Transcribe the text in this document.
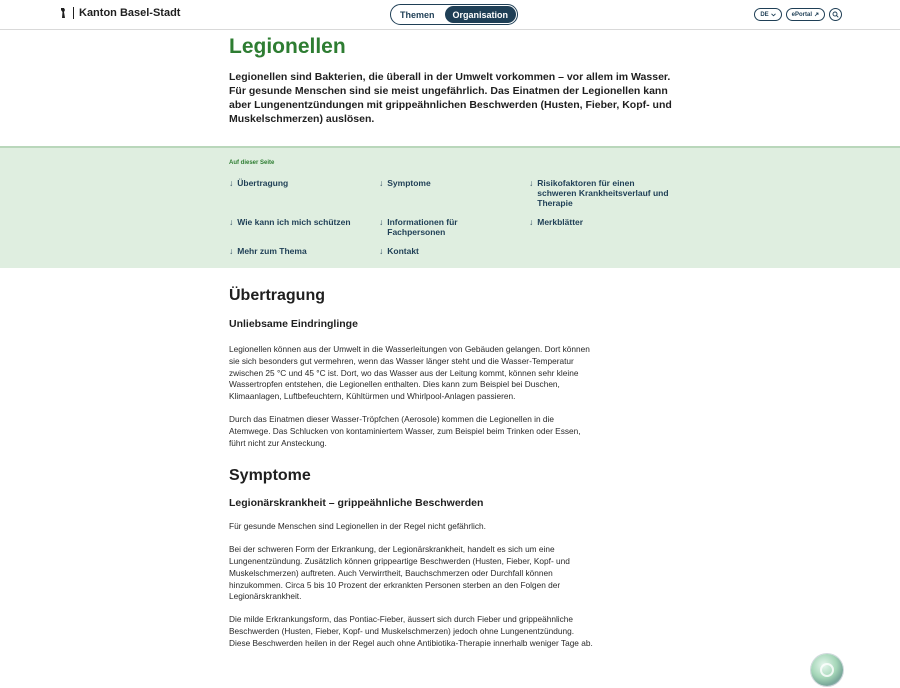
Kanton Basel-Stadt	Themen	Organisation	DE	ePortal
Legionellen

Legionellen sind Bakterien, die überall in der Umwelt vorkommen – vor allem im Wasser. Für gesunde Menschen sind sie meist ungefährlich. Das Einatmen der Legionellen kann aber Lungenentzündungen mit grippeähnlichen Beschwerden (Husten, Fieber, Kopf- und Muskelschmerzen) auslösen.

Auf dieser Seite
↓ Übertragung	↓ Symptome	↓ Risikofaktoren für einen schweren Krankheitsverlauf und Therapie
↓ Wie kann ich mich schützen	↓ Informationen für Fachpersonen
↓ Merkblätter
↓ Mehr zum Thema	↓ Kontakt
Übertragung
Unliebsame Eindringlinge

Legionellen können aus der Umwelt in die Wasserleitungen von Gebäuden gelangen. Dort können sie sich besonders gut vermehren, wenn das Wasser länger steht und die Wasser-Temperatur zwischen 25 °C und 45 °C ist. Dort, wo das Wasser aus der Leitung kommt, können sehr kleine Wassertropfen entstehen, die Legionellen enthalten. Dies kann zum Beispiel bei Duschen, Klimaanlagen, Luftbefeuchtern, Kühltürmen und Whirlpool-Anlagen passieren.

Durch das Einatmen dieser Wasser-Tröpfchen (Aerosole) kommen die Legionellen in die Atemwege. Das Schlucken von kontaminiertem Wasser, zum Beispiel beim Trinken oder Essen, führt nicht zur Ansteckung.

Symptome
Legionärskrankheit – grippeähnliche Beschwerden

Für gesunde Menschen sind Legionellen in der Regel nicht gefährlich.

Bei der schweren Form der Erkrankung, der Legionärskrankheit, handelt es sich um eine Lungenentzündung. Zusätzlich können grippeartige Beschwerden (Husten, Fieber, Kopf- und Muskelschmerzen) auftreten. Auch Verwirrtheit, Bauchschmerzen oder Durchfall können hinzukommen. Circa 5 bis 10 Prozent der erkrankten Personen sterben an den Folgen der Legionärskrankheit.

Die milde Erkrankungsform, das Pontiac-Fieber, äussert sich durch Fieber und grippeähnliche Beschwerden (Husten, Fieber, Kopf- und Muskelschmerzen) jedoch ohne Lungenentzündung. Diese Beschwerden heilen in der Regel auch ohne Antibiotika-Therapie innerhalb weniger Tage ab.
